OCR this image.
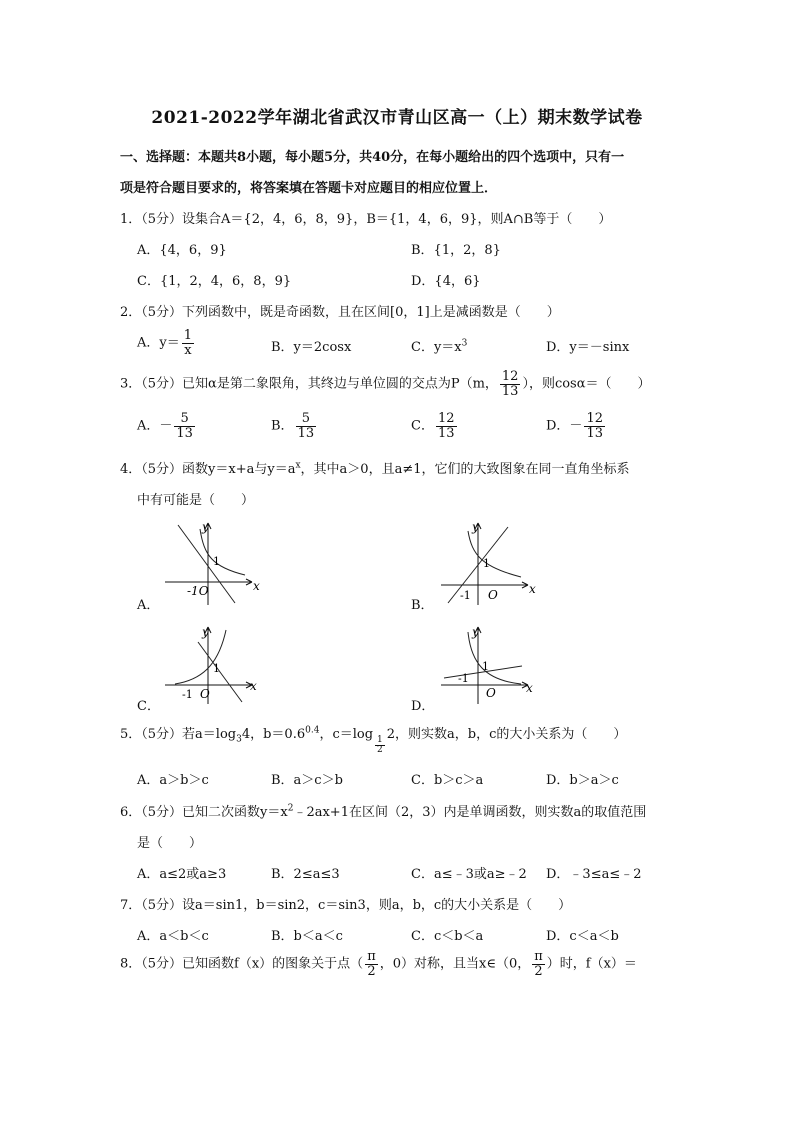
2021-2022学年湖北省武汉市青山区高一（上）期末数学试卷
一、选择题：本题共8小题，每小题5分，共40分，在每小题给出的四个选项中，只有一
项是符合题目要求的，将答案填在答题卡对应题目的相应位置上．
1．（5分）设集合A＝{2，4，6，8，9}，B＝{1，4，6，9}，则A∩B等于（　　）
A．{4，6，9}	B．{1，2，8}
C．{1，2，4，6，8，9}	D．{4，6}
2．（5分）下列函数中，既是奇函数，且在区间[0，1]上是减函数是（　　）
A．$y= \frac{1}{x}$	B．y＝2cosx	C．$y=x^3$	D．y＝－sinx
3．（5分）已知α是第二象限角，其终边与单位圆的交点为P（m， $\frac{12}{13}$ ），则cosα＝（　　）
A．－ $\frac{5}{13}$	B． $\frac{5}{13}$	C． $\frac{12}{13}$	D．－ $\frac{12}{13}$
4．（5分）函数y＝x+a与$y=a^x$，其中a＞0，且a≠1，它们的大致图象在同一直角坐标系
中有可能是（　　）
A．	B．
C．	D．
y
x
1
-1O
y
x
1
-1 O
y
x
1
-1 O
y
x
1
-1
O
5．（5分）若$a=\log_34$，$b=0.6^{0.4}$，c＝log
$\frac{1}{2}$
2，则实数a，b，c的大小关系为（　　）
A．a＞b＞c	B．a＞c＞b	C．b＞c＞a	D．b＞a＞c
6．（5分）已知二次函数$y=x^2﹣2ax+1$在区间（2，3）内是单调函数，则实数a的取值范围
是（　　）
A．a≤2或a≥3	B．2≤a≤3	C．a≤﹣3或a≥﹣2 D．﹣3≤a≤﹣2
7．（5分）设a＝sin1，b＝sin2，c＝sin3，则a，b，c的大小关系是（　　）
A．a＜b＜c	B．b＜a＜c	C．c＜b＜a	D．c＜a＜b
8．（5分）已知函数f（x）的图象关于点（ $\frac{\pi}{2}$ ，0）对称，且当x∈（0， $\frac{\pi}{2}$ ）时，f（x）＝
